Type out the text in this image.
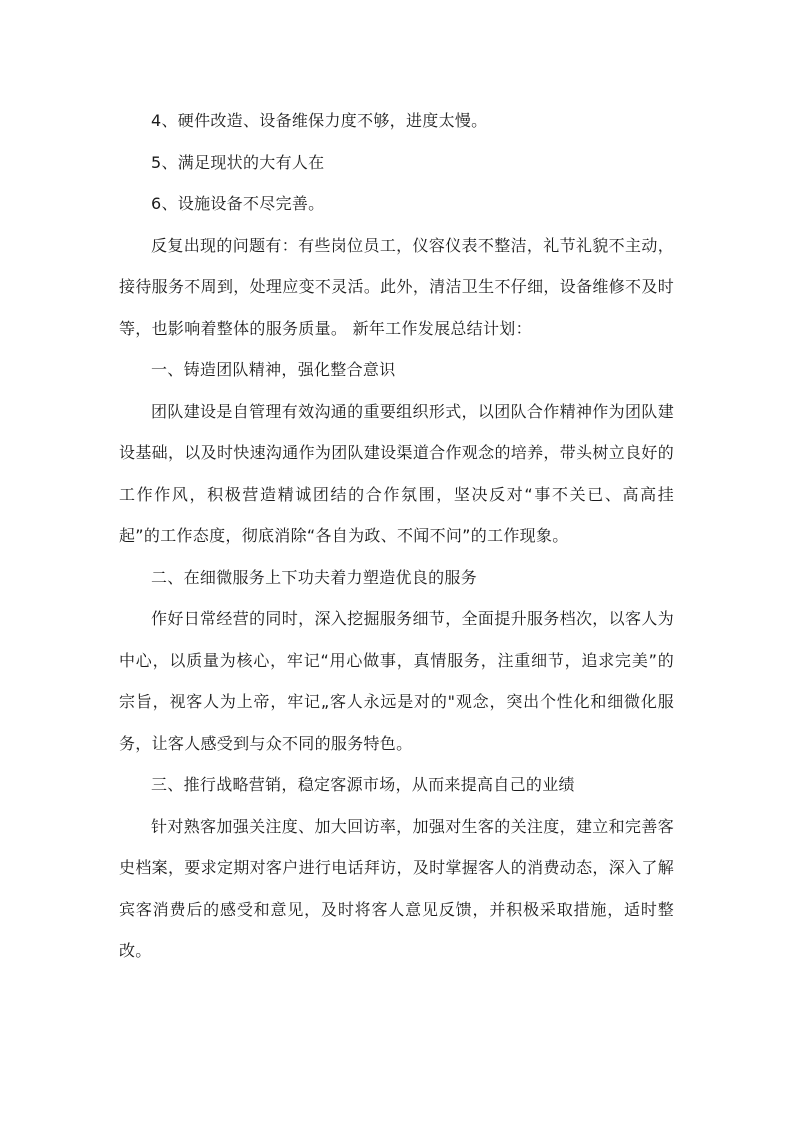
4、硬件改造、设备维保力度不够，进度太慢。

5、满足现状的大有人在

6、设施设备不尽完善。

反复出现的问题有：有些岗位员工，仪容仪表不整洁，礼节礼貌不主动，接待服务不周到，处理应变不灵活。此外，清洁卫生不仔细，设备维修不及时等，也影响着整体的服务质量。 新年工作发展总结计划：

一、铸造团队精神，强化整合意识

团队建设是自管理有效沟通的重要组织形式，以团队合作精神作为团队建设基础，以及时快速沟通作为团队建设渠道合作观念的培养，带头树立良好的工作作风，积极营造精诚团结的合作氛围，坚决反对“事不关已、高高挂起”的工作态度，彻底消除“各自为政、不闻不问”的工作现象。

二、在细微服务上下功夫着力塑造优良的服务

作好日常经营的同时，深入挖掘服务细节，全面提升服务档次，以客人为中心，以质量为核心，牢记“用心做事，真情服务，注重细节，追求完美”的宗旨，视客人为上帝，牢记„客人永远是对的"观念，突出个性化和细微化服务，让客人感受到与众不同的服务特色。

三、推行战略营销，稳定客源市场，从而来提高自己的业绩

针对熟客加强关注度、加大回访率，加强对生客的关注度，建立和完善客史档案，要求定期对客户进行电话拜访，及时掌握客人的消费动态，深入了解宾客消费后的感受和意见，及时将客人意见反馈，并积极采取措施，适时整改。
